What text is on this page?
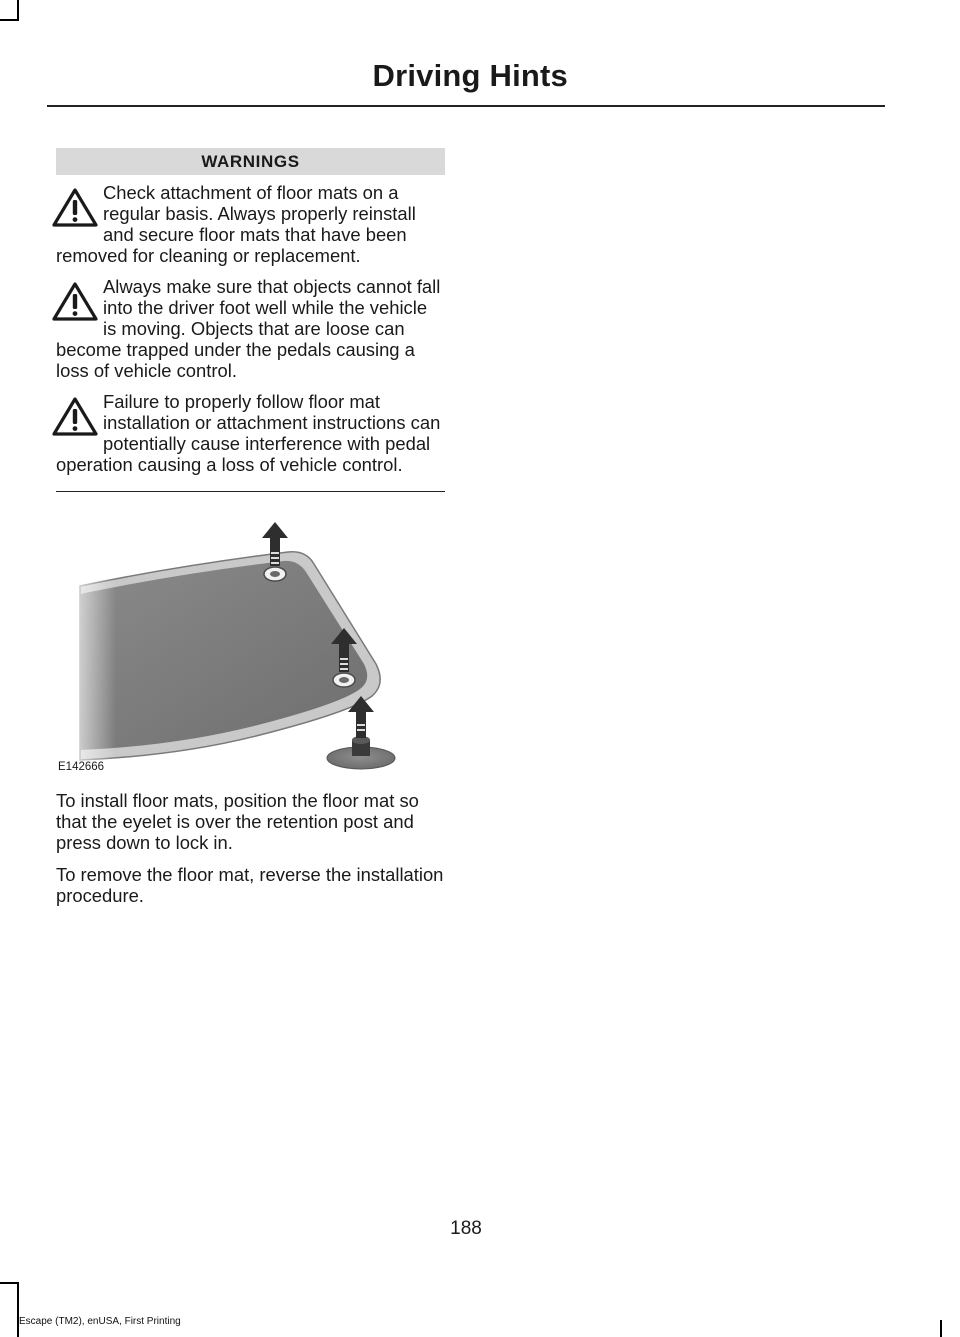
Driving Hints
WARNINGS
Check attachment of floor mats on a regular basis. Always properly reinstall and secure floor mats that have been removed for cleaning or replacement.
Always make sure that objects cannot fall into the driver foot well while the vehicle is moving. Objects that are loose can become trapped under the pedals causing a loss of vehicle control.
Failure to properly follow floor mat installation or attachment instructions can potentially cause interference with pedal operation causing a loss of vehicle control.
E142666

To install floor mats, position the floor mat so that the eyelet is over the retention post and press down to lock in.

To remove the floor mat, reverse the installation procedure.

188
Escape (TM2), enUSA, First Printing
